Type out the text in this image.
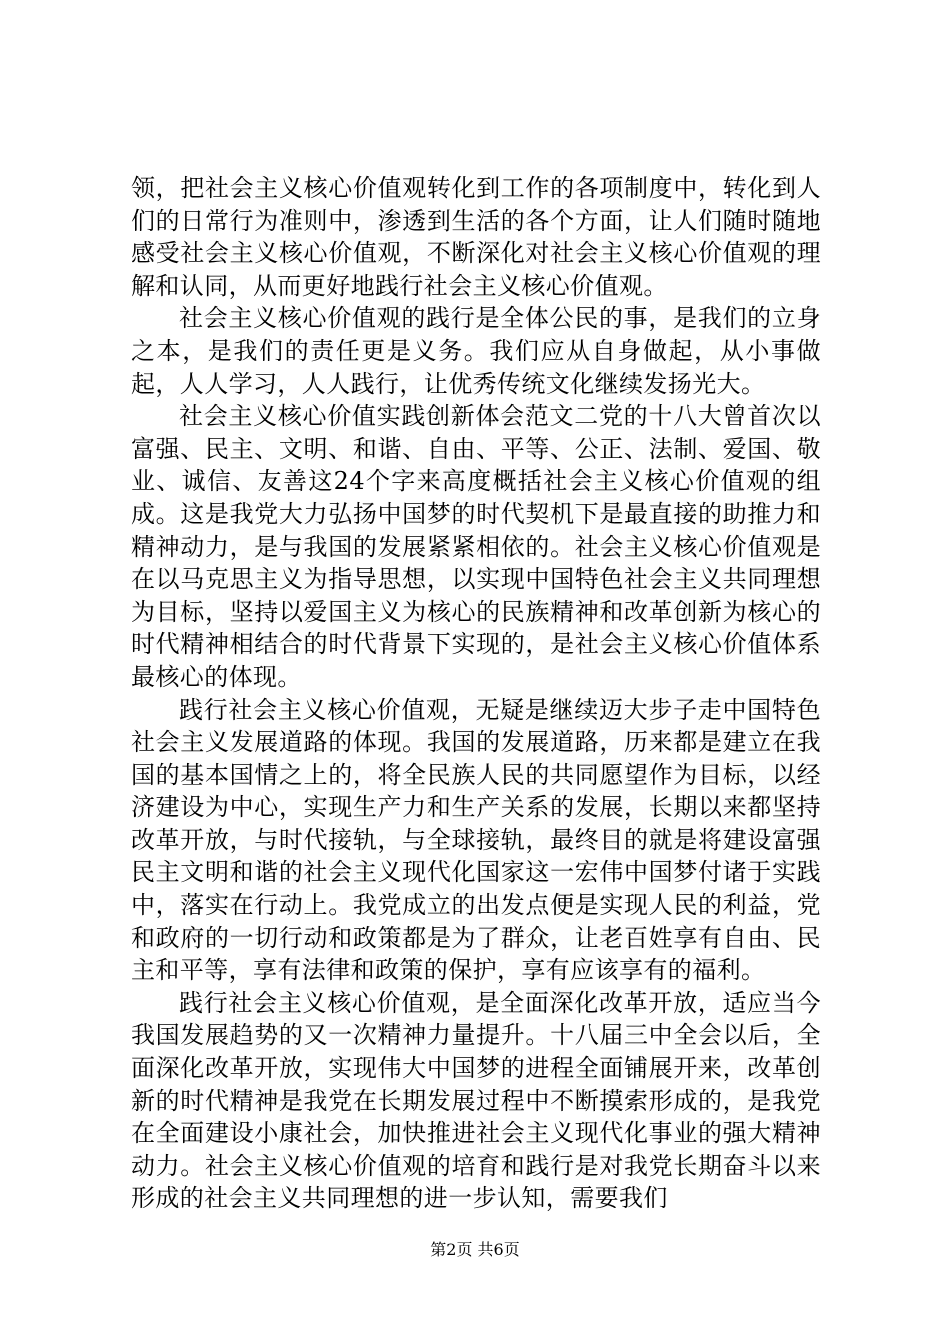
领，把社会主义核心价值观转化到工作的各项制度中，转化到人们的日常行为准则中，渗透到生活的各个方面，让人们随时随地感受社会主义核心价值观，不断深化对社会主义核心价值观的理解和认同，从而更好地践行社会主义核心价值观。

社会主义核心价值观的践行是全体公民的事，是我们的立身之本，是我们的责任更是义务。我们应从自身做起，从小事做起，人人学习，人人践行，让优秀传统文化继续发扬光大。

社会主义核心价值实践创新体会范文二党的十八大曾首次以富强、民主、文明、和谐、自由、平等、公正、法制、爱国、敬业、诚信、友善这24个字来高度概括社会主义核心价值观的组成。这是我党大力弘扬中国梦的时代契机下是最直接的助推力和精神动力，是与我国的发展紧紧相依的。社会主义核心价值观是在以马克思主义为指导思想，以实现中国特色社会主义共同理想为目标，坚持以爱国主义为核心的民族精神和改革创新为核心的时代精神相结合的时代背景下实现的，是社会主义核心价值体系最核心的体现。

践行社会主义核心价值观，无疑是继续迈大步子走中国特色社会主义发展道路的体现。我国的发展道路，历来都是建立在我国的基本国情之上的，将全民族人民的共同愿望作为目标，以经济建设为中心，实现生产力和生产关系的发展，长期以来都坚持改革开放，与时代接轨，与全球接轨，最终目的就是将建设富强民主文明和谐的社会主义现代化国家这一宏伟中国梦付诸于实践中，落实在行动上。我党成立的出发点便是实现人民的利益，党和政府的一切行动和政策都是为了群众，让老百姓享有自由、民主和平等，享有法律和政策的保护，享有应该享有的福利。

践行社会主义核心价值观，是全面深化改革开放，适应当今我国发展趋势的又一次精神力量提升。十八届三中全会以后，全面深化改革开放，实现伟大中国梦的进程全面铺展开来，改革创新的时代精神是我党在长期发展过程中不断摸索形成的，是我党在全面建设小康社会，加快推进社会主义现代化事业的强大精神动力。社会主义核心价值观的培育和践行是对我党长期奋斗以来形成的社会主义共同理想的进一步认知，需要我们

第2页 共6页
